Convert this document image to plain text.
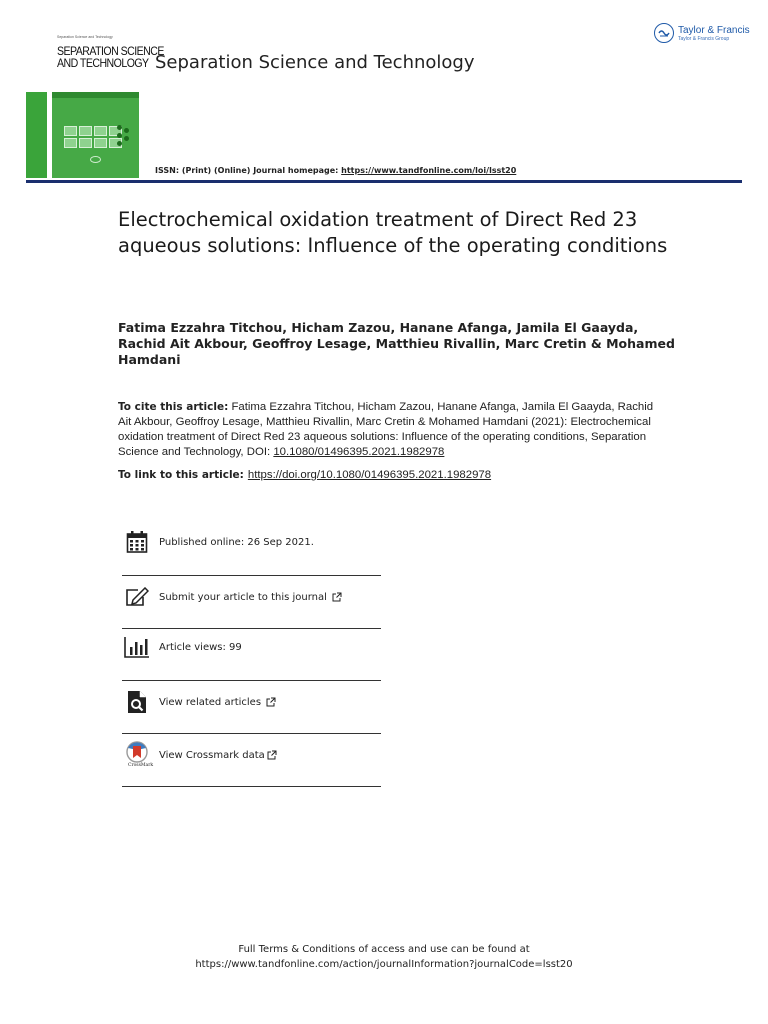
Separation Science and Technology
SEPARATION SCIENCE
AND TECHNOLOGY Separation Science and Technology
Taylor & Francis
Taylor & Francis Group
ISSN: (Print) (Online) Journal homepage: https://www.tandfonline.com/loi/lsst20
Electrochemical oxidation treatment of Direct Red 23 aqueous solutions: Influence of the operating conditions
Fatima Ezzahra Titchou, Hicham Zazou, Hanane Afanga, Jamila El Gaayda, Rachid Ait Akbour, Geoffroy Lesage, Matthieu Rivallin, Marc Cretin & Mohamed Hamdani
To cite this article: Fatima Ezzahra Titchou, Hicham Zazou, Hanane Afanga, Jamila El Gaayda, Rachid Ait Akbour, Geoffroy Lesage, Matthieu Rivallin, Marc Cretin & Mohamed Hamdani (2021): Electrochemical oxidation treatment of Direct Red 23 aqueous solutions: Influence of the operating conditions, Separation Science and Technology, DOI: 10.1080/01496395.2021.1982978
To link to this article: https://doi.org/10.1080/01496395.2021.1982978
Published online: 26 Sep 2021.
Submit your article to this journal
Article views: 99
View related articles
View Crossmark data
CrossMark
Full Terms & Conditions of access and use can be found at
https://www.tandfonline.com/action/journalInformation?journalCode=lsst20
